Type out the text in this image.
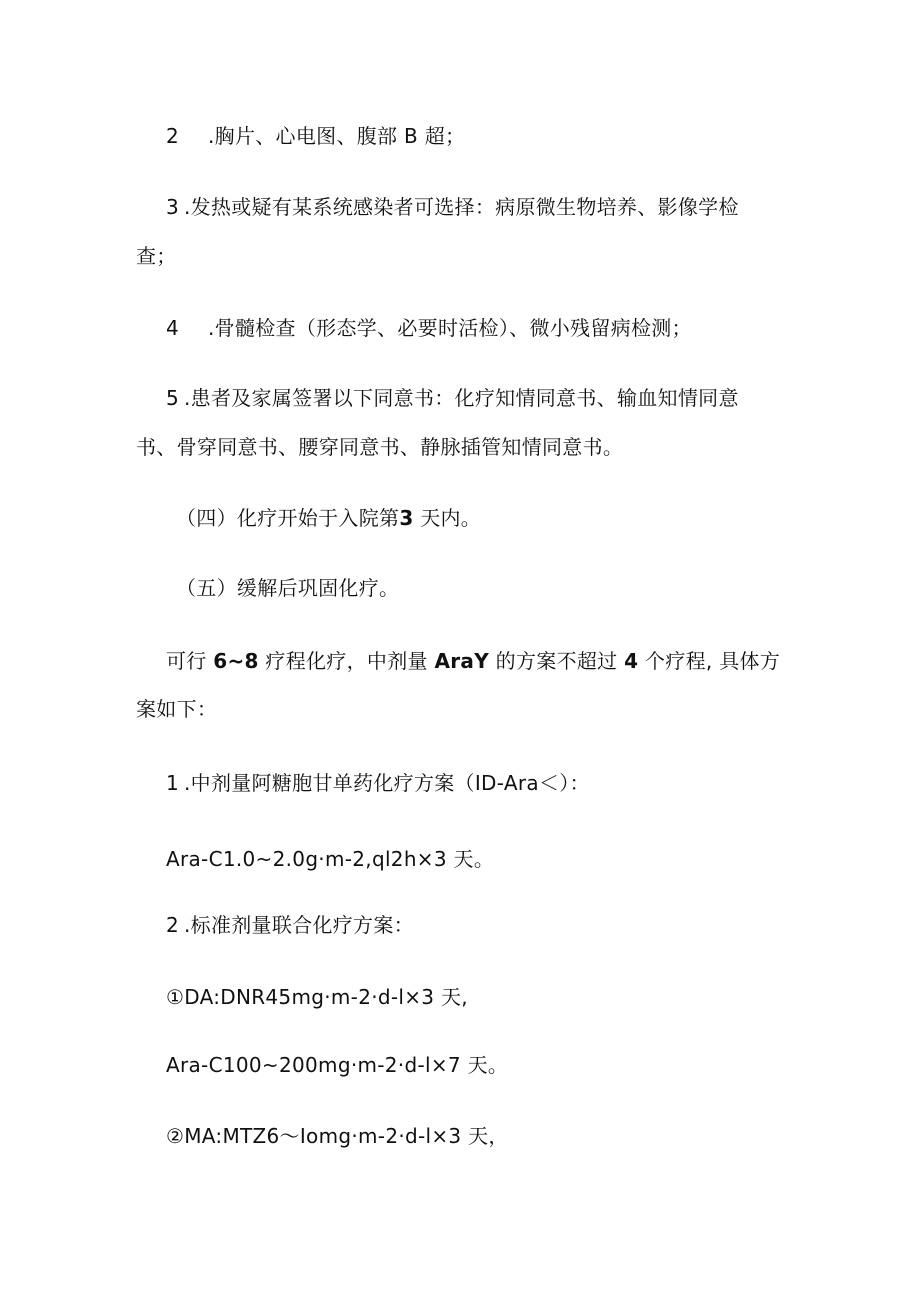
2 .胸片、心电图、腹部 B 超；
3 .发热或疑有某系统感染者可选择：病原微生物培养、影像学检
查；
4 .骨髓检查（形态学、必要时活检）、微小残留病检测；
5 .患者及家属签署以下同意书：化疗知情同意书、输血知情同意
书、骨穿同意书、腰穿同意书、静脉插管知情同意书。
（四）化疗开始于入院第3 天内。
（五）缓解后巩固化疗。
可行 6~8 疗程化疗，中剂量 AraY 的方案不超过 4 个疗程, 具体方
案如下：
1 .中剂量阿糖胞甘单药化疗方案（ID-Ara＜）：
Ara-C1.0~2.0g·m-2,ql2h×3 天。
2 .标准剂量联合化疗方案：
①DA:DNR45mg·m-2·d-l×3 天,
Ara-C100~200mg·m-2·d-l×7 天。
②MA:MTZ6～Iomg·m-2·d-l×3 天，
